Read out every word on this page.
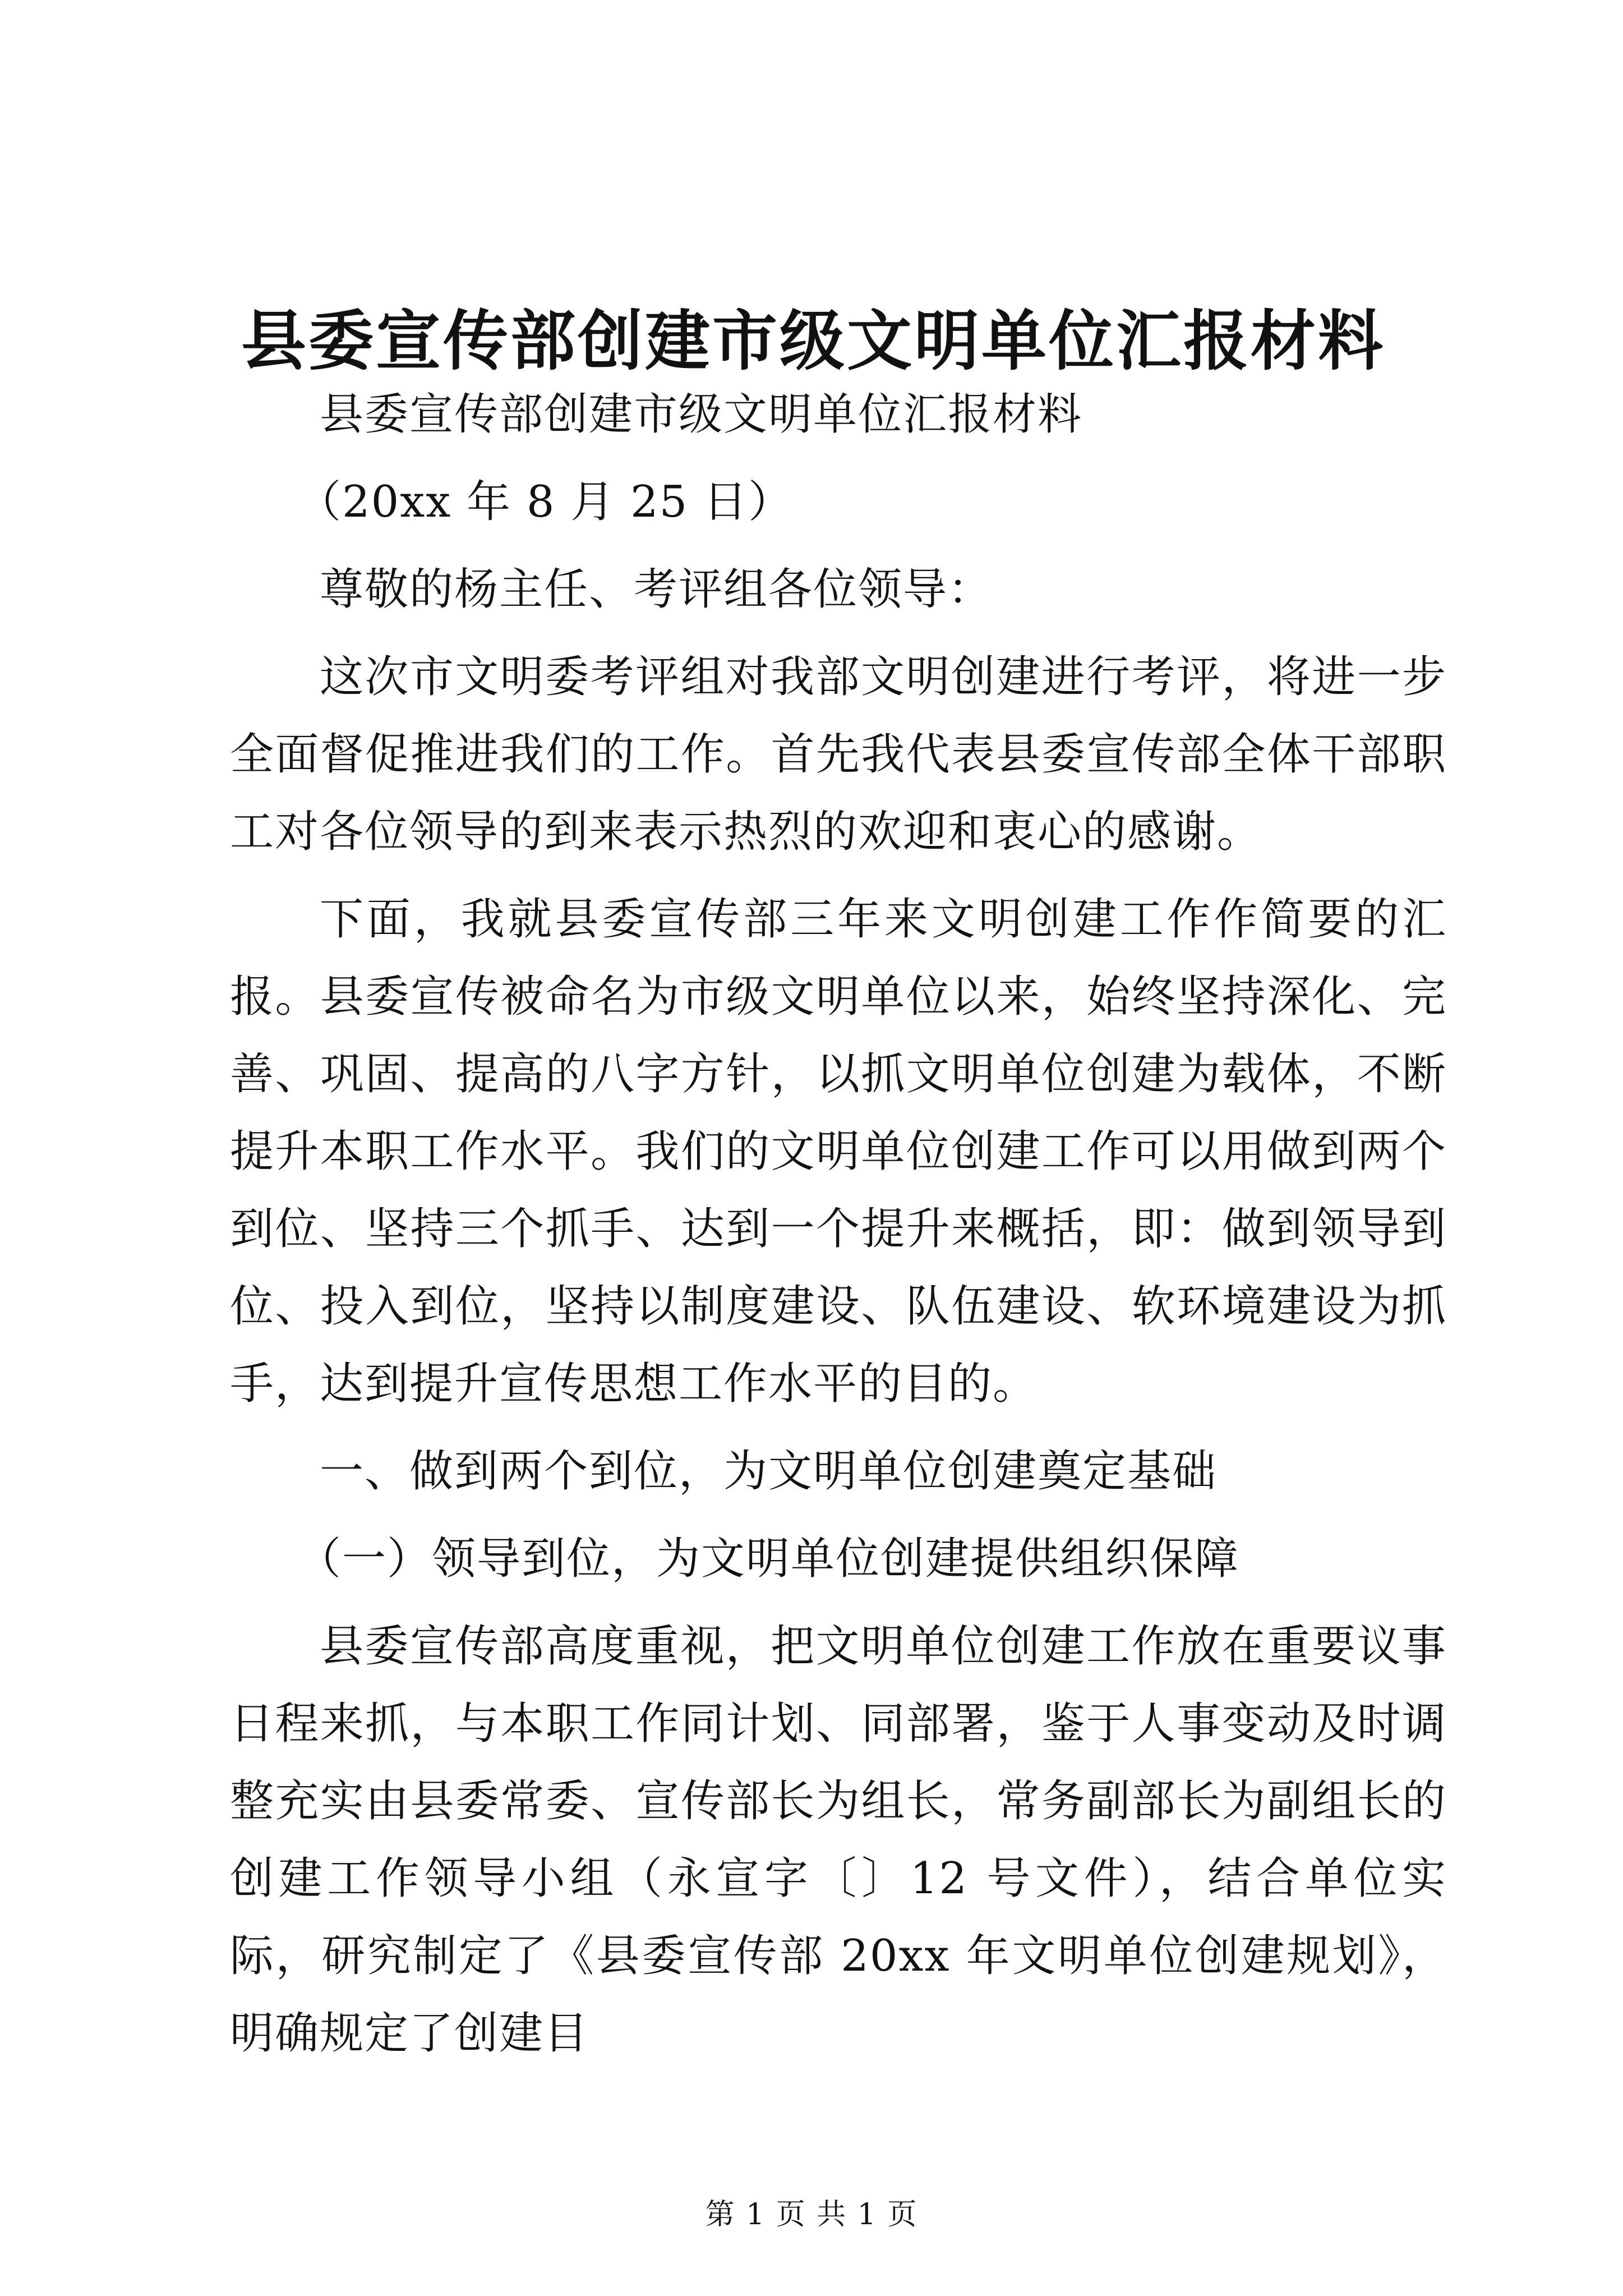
县委宣传部创建市级文明单位汇报材料

县委宣传部创建市级文明单位汇报材料

（20xx 年 8 月 25 日）

尊敬的杨主任、考评组各位领导：

这次市文明委考评组对我部文明创建进行考评，将进一步全面督促推进我们的工作。首先我代表县委宣传部全体干部职工对各位领导的到来表示热烈的欢迎和衷心的感谢。

下面，我就县委宣传部三年来文明创建工作作简要的汇报。县委宣传被命名为市级文明单位以来，始终坚持深化、完善、巩固、提高的八字方针，以抓文明单位创建为载体，不断提升本职工作水平。我们的文明单位创建工作可以用做到两个到位、坚持三个抓手、达到一个提升来概括，即：做到领导到位、投入到位，坚持以制度建设、队伍建设、软环境建设为抓手，达到提升宣传思想工作水平的目的。

一、做到两个到位，为文明单位创建奠定基础

（一）领导到位，为文明单位创建提供组织保障

县委宣传部高度重视，把文明单位创建工作放在重要议事日程来抓，与本职工作同计划、同部署，鉴于人事变动及时调整充实由县委常委、宣传部长为组长，常务副部长为副组长的创建工作领导小组（永宣字〔〕12 号文件），结合单位实际，研究制定了《县委宣传部 20xx 年文明单位创建规划》，明确规定了创建目

第 1 页 共 1 页
